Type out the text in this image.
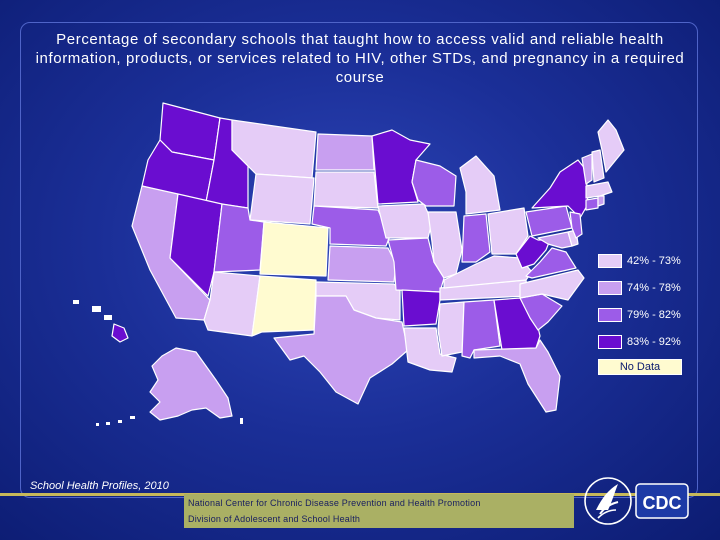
Percentage of secondary schools that taught how to access valid and reliable health information, products, or services related to HIV, other STDs, and pregnancy in a required course

42% - 73%
74% - 78%
79% - 82%
83% - 92%
No Data
School Health Profiles, 2010
National Center for Chronic Disease Prevention and Health Promotion
Division of Adolescent and School Health
CDC
